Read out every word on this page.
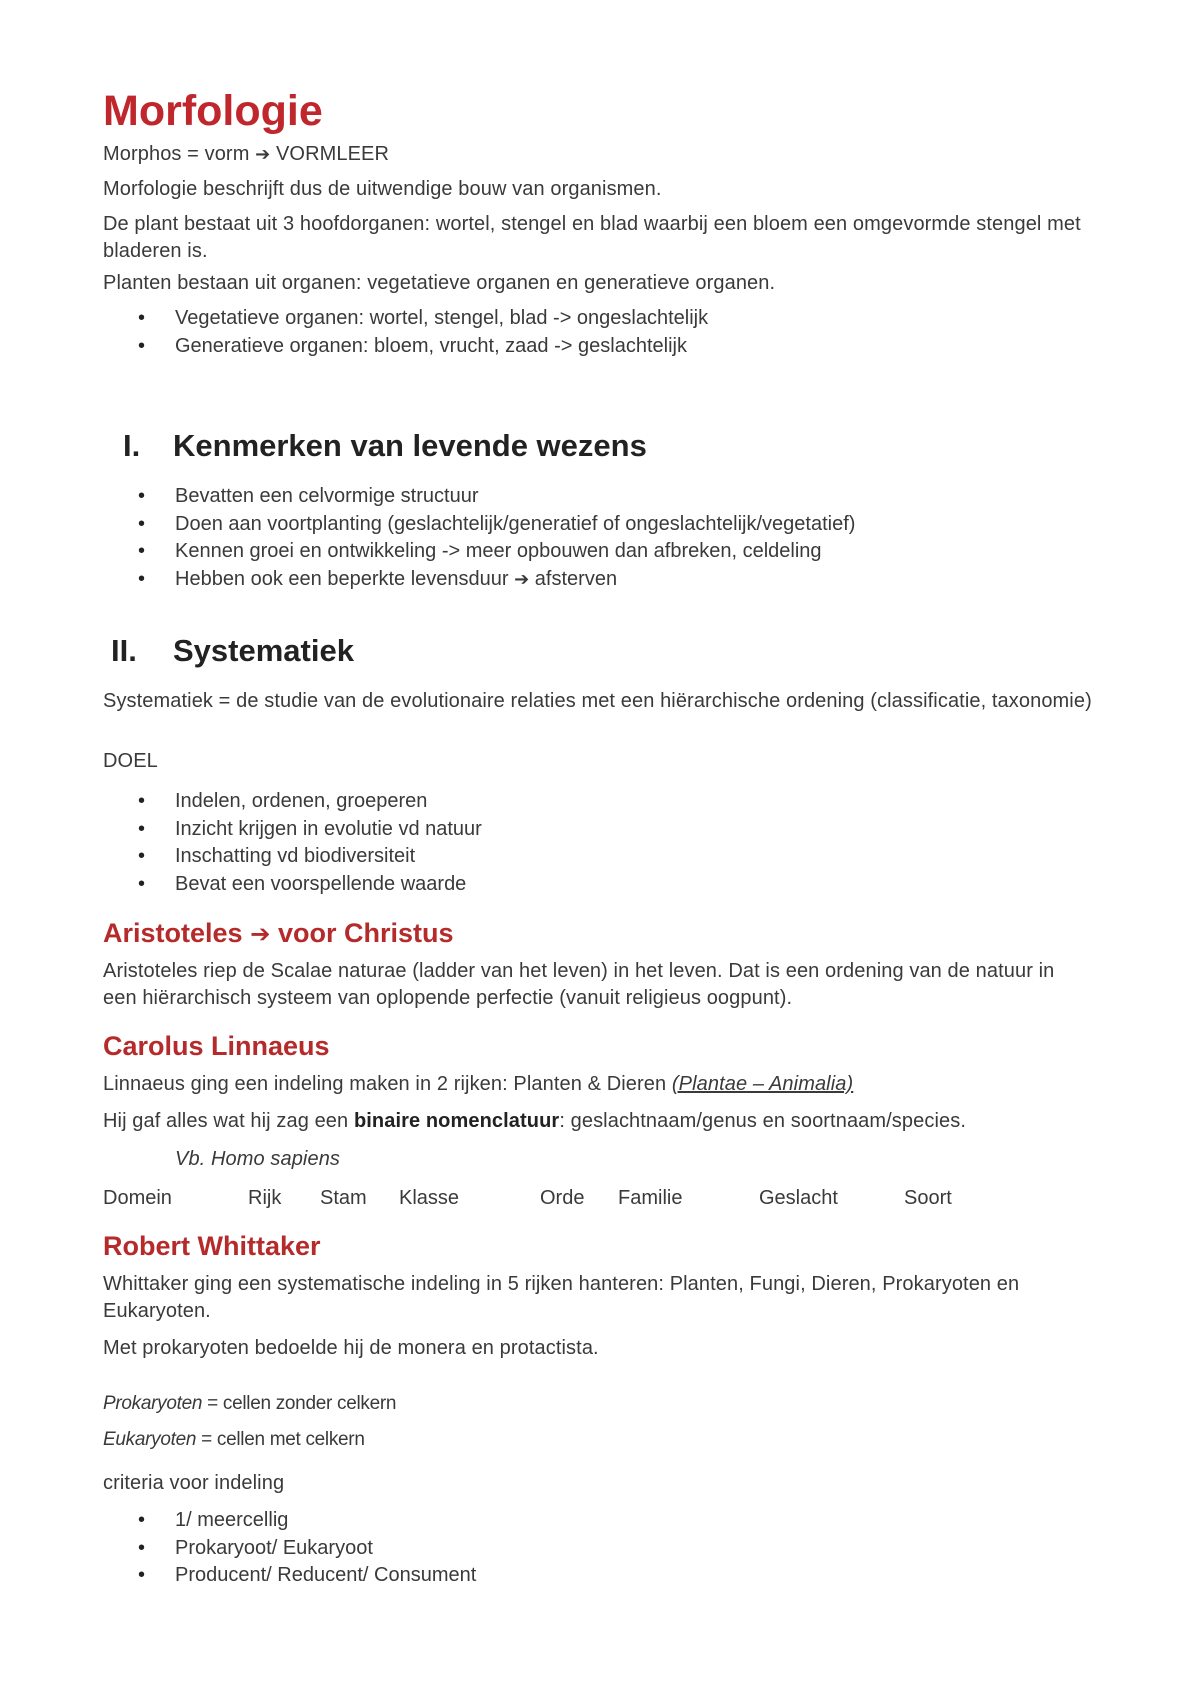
Morfologie

Morphos = vorm ➔ VORMLEER

Morfologie beschrijft dus de uitwendige bouw van organismen.

De plant bestaat uit 3 hoofdorganen: wortel, stengel en blad waarbij een bloem een omgevormde stengel met bladeren is.

Planten bestaan uit organen: vegetatieve organen en generatieve organen.

• Vegetatieve organen: wortel, stengel, blad -> ongeslachtelijk
• Generatieve organen: bloem, vrucht, zaad -> geslachtelijk
I. Kenmerken van levende wezens
• Bevatten een celvormige structuur
• Doen aan voortplanting (geslachtelijk/generatief of ongeslachtelijk/vegetatief)
• Kennen groei en ontwikkeling -> meer opbouwen dan afbreken, celdeling
• Hebben ook een beperkte levensduur ➔ afsterven
II. Systematiek

Systematiek = de studie van de evolutionaire relaties met een hiërarchische ordening (classificatie, taxonomie)

DOEL

• Indelen, ordenen, groeperen
• Inzicht krijgen in evolutie vd natuur
• Inschatting vd biodiversiteit
• Bevat een voorspellende waarde
Aristoteles ➔ voor Christus

Aristoteles riep de Scalae naturae (ladder van het leven) in het leven. Dat is een ordening van de natuur in een hiërarchisch systeem van oplopende perfectie (vanuit religieus oogpunt).

Carolus Linnaeus

Linnaeus ging een indeling maken in 2 rijken: Planten & Dieren (Plantae – Animalia)

Hij gaf alles wat hij zag een binaire nomenclatuur: geslachtnaam/genus en soortnaam/species.

Vb. Homo sapiens

Domein	Rijk Stam Klasse	Orde Familie	Geslacht	Soort
Robert Whittaker

Whittaker ging een systematische indeling in 5 rijken hanteren: Planten, Fungi, Dieren, Prokaryoten en Eukaryoten.

Met prokaryoten bedoelde hij de monera en protactista.

Prokaryoten = cellen zonder celkern

Eukaryoten = cellen met celkern

criteria voor indeling

• 1/ meercellig
• Prokaryoot/ Eukaryoot
• Producent/ Reducent/ Consument
